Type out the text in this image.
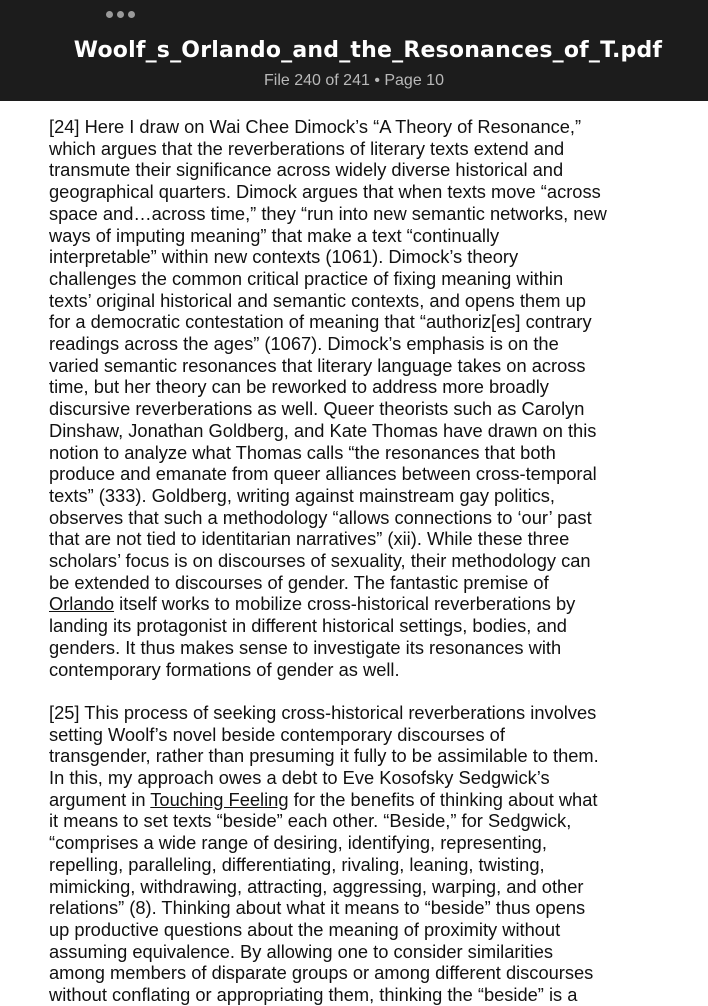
Woolf_s_Orlando_and_the_Resonances_of_T.pdf
File 240 of 241 • Page 10
[24] Here I draw on Wai Chee Dimock’s “A Theory of Resonance,”
which argues that the reverberations of literary texts extend and
transmute their significance across widely diverse historical and
geographical quarters. Dimock argues that when texts move “across
space and…across time,” they “run into new semantic networks, new
ways of imputing meaning” that make a text “continually
interpretable” within new contexts (1061). Dimock’s theory
challenges the common critical practice of fixing meaning within
texts’ original historical and semantic contexts, and opens them up
for a democratic contestation of meaning that “authoriz[es] contrary
readings across the ages” (1067). Dimock’s emphasis is on the
varied semantic resonances that literary language takes on across
time, but her theory can be reworked to address more broadly
discursive reverberations as well. Queer theorists such as Carolyn
Dinshaw, Jonathan Goldberg, and Kate Thomas have drawn on this
notion to analyze what Thomas calls “the resonances that both
produce and emanate from queer alliances between cross-temporal
texts” (333). Goldberg, writing against mainstream gay politics,
observes that such a methodology “allows connections to ‘our’ past
that are not tied to identitarian narratives” (xii). While these three
scholars’ focus is on discourses of sexuality, their methodology can
be extended to discourses of gender. The fantastic premise of
Orlando itself works to mobilize cross-historical reverberations by
landing its protagonist in different historical settings, bodies, and
genders. It thus makes sense to investigate its resonances with
contemporary formations of gender as well.
[25] This process of seeking cross-historical reverberations involves
setting Woolf’s novel beside contemporary discourses of
transgender, rather than presuming it fully to be assimilable to them.
In this, my approach owes a debt to Eve Kosofsky Sedgwick’s
argument in Touching Feeling for the benefits of thinking about what
it means to set texts “beside” each other. “Beside,” for Sedgwick,
“comprises a wide range of desiring, identifying, representing,
repelling, paralleling, differentiating, rivaling, leaning, twisting,
mimicking, withdrawing, attracting, aggressing, warping, and other
relations” (8). Thinking about what it means to “beside” thus opens
up productive questions about the meaning of proximity without
assuming equivalence. By allowing one to consider similarities
among members of disparate groups or among different discourses
without conflating or appropriating them, thinking the “beside” is a
